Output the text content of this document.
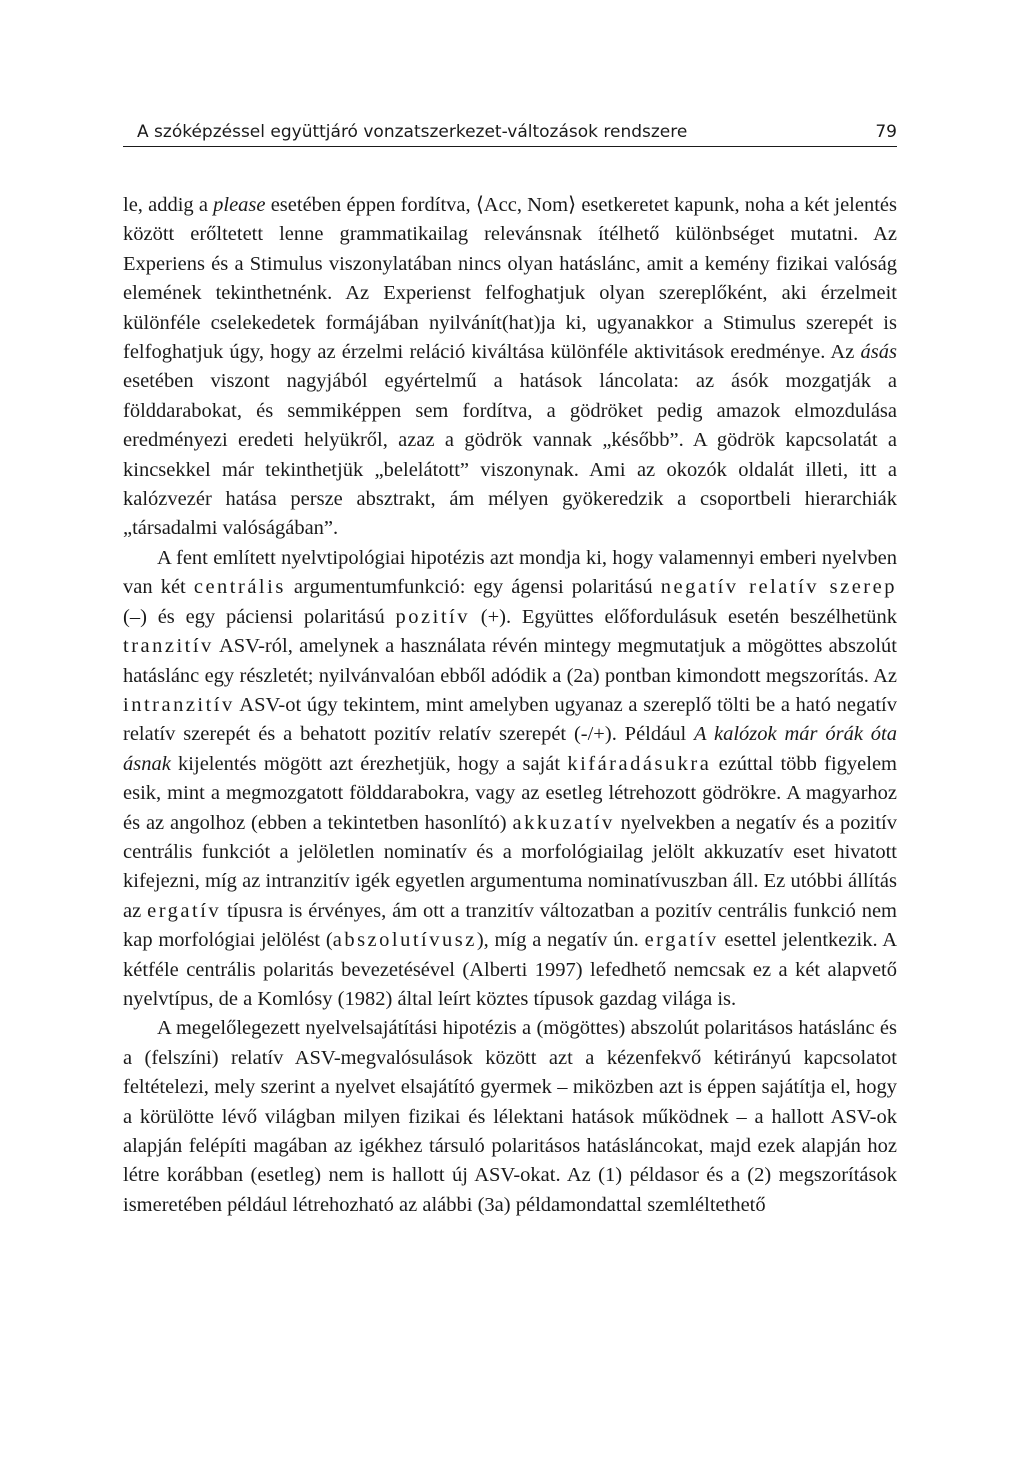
A szóképzéssel együttjáró vonzatszerkezet-változások rendszere	79

le, addig a please esetében éppen fordítva, ⟨Acc, Nom⟩ esetkeretet kapunk, noha a két jelentés között erőltetett lenne grammatikailag relevánsnak ítélhető különbséget mutatni. Az Experiens és a Stimulus viszonylatában nincs olyan hatáslánc, amit a kemény fizikai valóság elemének tekinthetnénk. Az Experienst felfoghatjuk olyan szereplőként, aki érzelmeit különféle cselekedetek formájában nyilvánít(hat)ja ki, ugyanakkor a Stimulus szerepét is felfoghatjuk úgy, hogy az érzelmi reláció kiváltása különféle aktivitások eredménye. Az ásás esetében viszont nagyjából egyértelmű a hatások láncolata: az ásók mozgatják a földdarabokat, és semmiképpen sem fordítva, a gödröket pedig amazok elmozdulása eredményezi eredeti helyükről, azaz a gödrök vannak „később”. A gödrök kapcsolatát a kincsekkel már tekinthetjük „belelátott” viszonynak. Ami az okozók oldalát illeti, itt a kalózvezér hatása persze absztrakt, ám mélyen gyökeredzik a csoportbeli hierarchiák „társadalmi valóságában”.

A fent említett nyelvtipológiai hipotézis azt mondja ki, hogy valamennyi emberi nyelvben van két centrális argumentumfunkció: egy ágensi polaritású negatív relatív szerep (–) és egy páciensi polaritású pozitív (+). Együttes előfordulásuk esetén beszélhetünk tranzitív ASV-ról, amelynek a használata révén mintegy megmutatjuk a mögöttes abszolút hatáslánc egy részletét; nyilvánvalóan ebből adódik a (2a) pontban kimondott megszorítás. Az intranzitív ASV-ot úgy tekintem, mint amelyben ugyanaz a szereplő tölti be a ható negatív relatív szerepét és a behatott pozitív relatív szerepét (-/+). Például A kalózok már órák óta ásnak kijelentés mögött azt érezhetjük, hogy a saját kifáradásukra ezúttal több figyelem esik, mint a megmozgatott földdarabokra, vagy az esetleg létrehozott gödrökre. A magyarhoz és az angolhoz (ebben a tekintetben hasonlító) akkuzatív nyelvekben a negatív és a pozitív centrális funkciót a jelöletlen nominatív és a morfológiailag jelölt akkuzatív eset hivatott kifejezni, míg az intranzitív igék egyetlen argumentuma nominatívuszban áll. Ez utóbbi állítás az ergatív típusra is érvényes, ám ott a tranzitív változatban a pozitív centrális funkció nem kap morfológiai jelölést (abszolutívusz), míg a negatív ún. ergatív esettel jelentkezik. A kétféle centrális polaritás bevezetésével (Alberti 1997) lefedhető nemcsak ez a két alapvető nyelvtípus, de a Komlósy (1982) által leírt köztes típusok gazdag világa is.

A megelőlegezett nyelvelsajátítási hipotézis a (mögöttes) abszolút polaritásos hatáslánc és a (felszíni) relatív ASV-megvalósulások között azt a kézenfekvő kétirányú kapcsolatot feltételezi, mely szerint a nyelvet elsajátító gyermek – miközben azt is éppen sajátítja el, hogy a körülötte lévő világban milyen fizikai és lélektani hatások működnek – a hallott ASV-ok alapján felépíti magában az igékhez társuló polaritásos hatásláncokat, majd ezek alapján hoz létre korábban (esetleg) nem is hallott új ASV-okat. Az (1) példasor és a (2) megszorítások ismeretében például létrehozható az alábbi (3a) példamondattal szemléltethető
